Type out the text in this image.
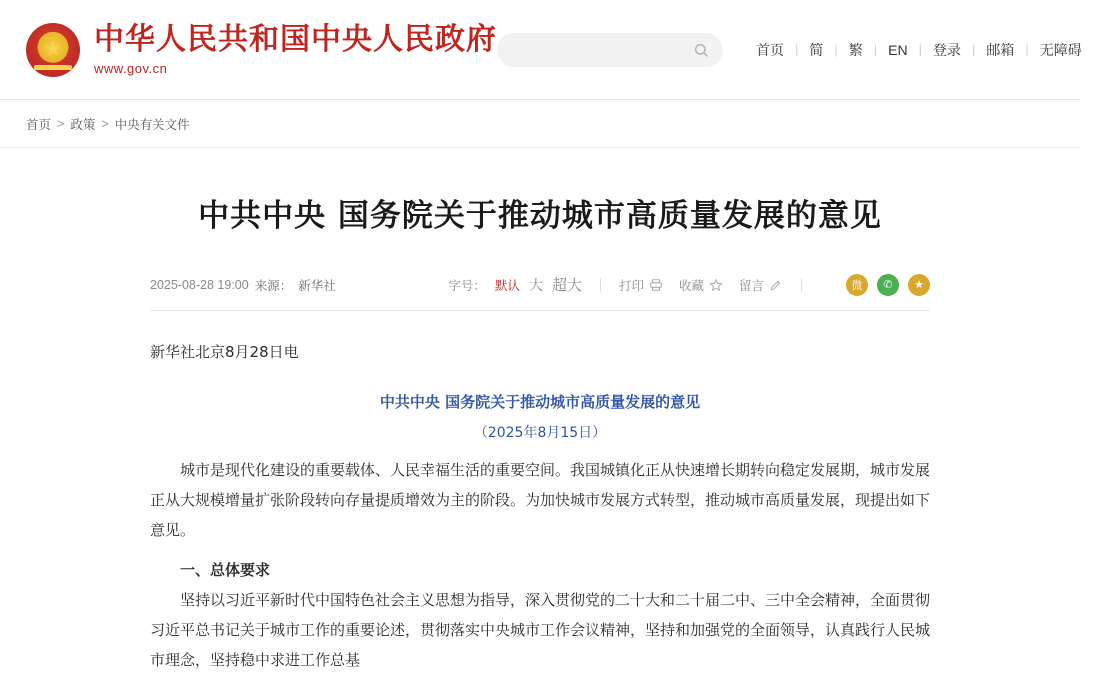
★
中华人民共和国中央人民政府
www.gov.cn
首页 | 简 | 繁 | EN | 登录 | 邮箱 | 无障碍
首页 > 政策 > 中央有关文件
中共中央 国务院关于推动城市高质量发展的意见
2025-08-28 19:00 来源： 新华社	字号： 默认 大 超大	打印	收藏	留言	微	✆	★

新华社北京8月28日电

中共中央 国务院关于推动城市高质量发展的意见

（2025年8月15日）

城市是现代化建设的重要载体、人民幸福生活的重要空间。我国城镇化正从快速增长期转向稳定发展期，城市发展正从大规模增量扩张阶段转向存量提质增效为主的阶段。为加快城市发展方式转型，推动城市高质量发展，现提出如下意见。

一、总体要求

坚持以习近平新时代中国特色社会主义思想为指导，深入贯彻党的二十大和二十届二中、三中全会精神，全面贯彻习近平总书记关于城市工作的重要论述，贯彻落实中央城市工作会议精神，坚持和加强党的全面领导，认真践行人民城市理念，坚持稳中求进工作总基
